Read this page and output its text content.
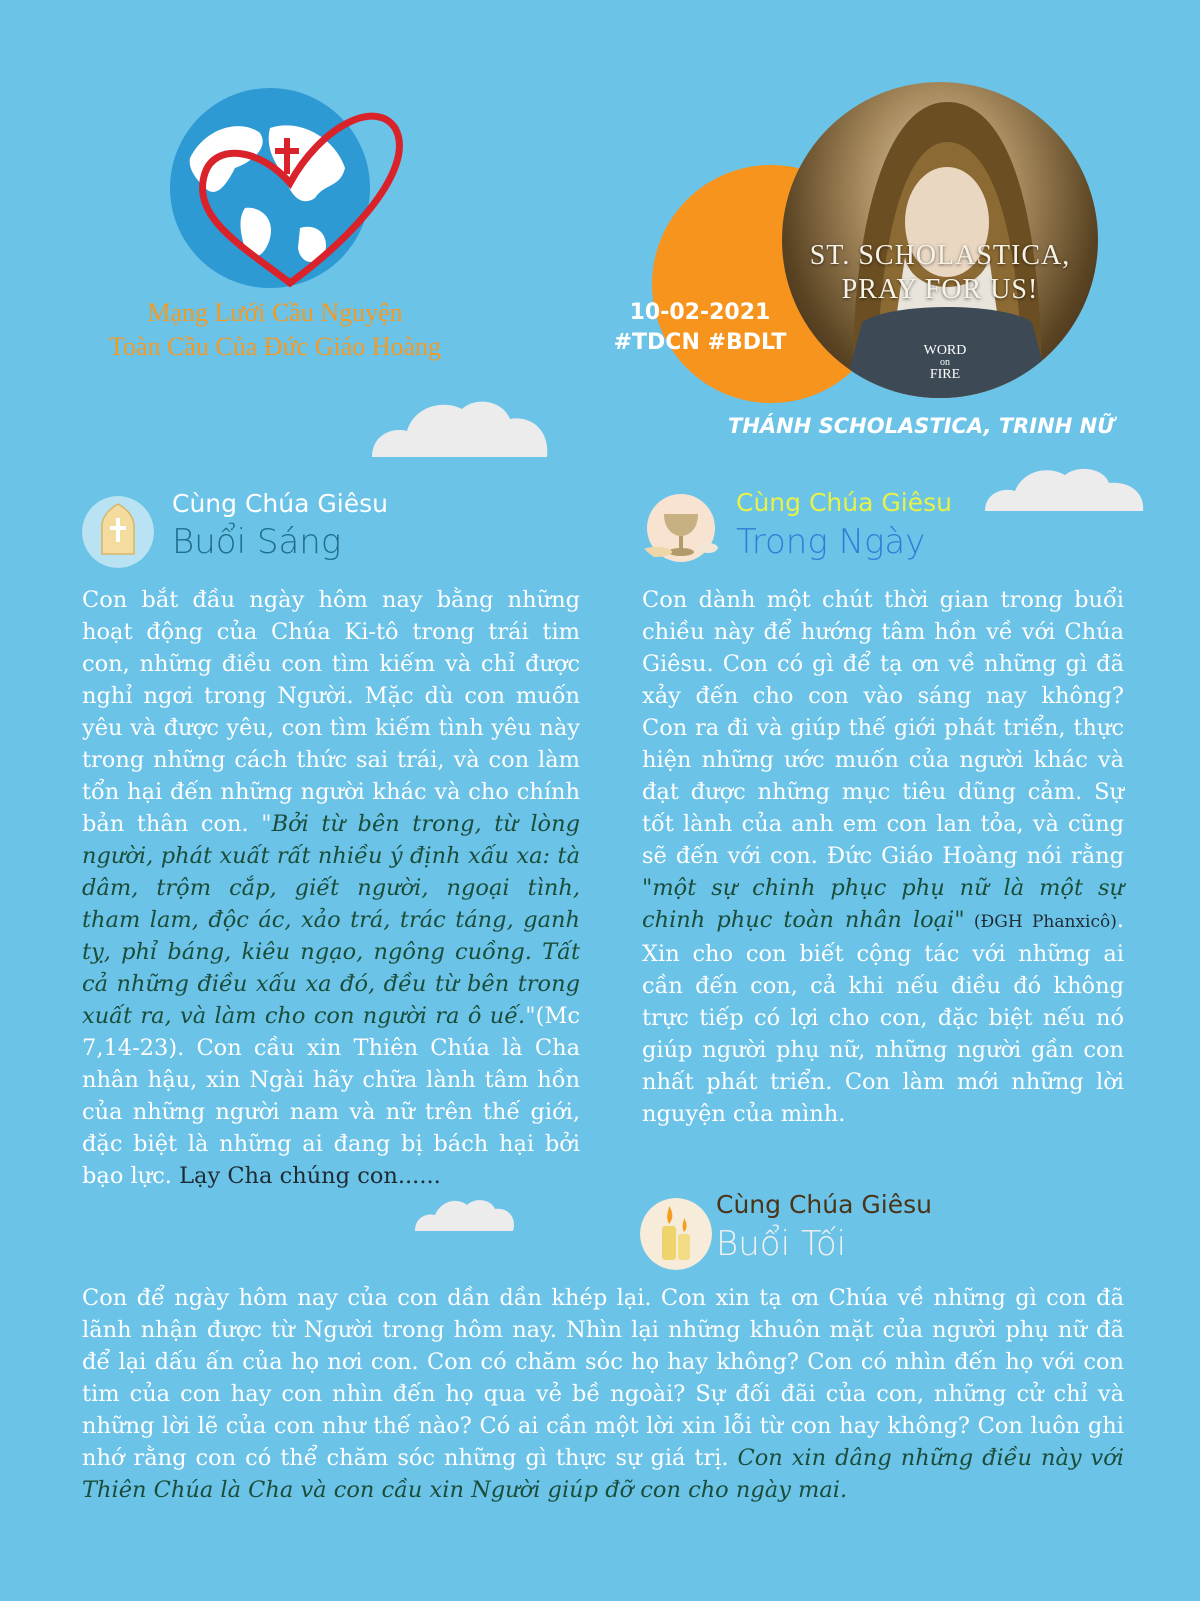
Mạng Lưới Cầu Nguyện
Toàn Cầu Của Đức Giáo Hoàng
ST. SCHOLASTICA,
PRAY FOR US!
WORD
on
FIRE
10-02-2021
#TDCN #BDLT
THÁNH SCHOLASTICA, TRINH NỮ
Cùng Chúa Giêsu
Buổi Sáng

Con bắt đầu ngày hôm nay bằng những hoạt động của Chúa Ki-tô trong trái tim con, những điều con tìm kiếm và chỉ được nghỉ ngơi trong Người. Mặc dù con muốn yêu và được yêu, con tìm kiếm tình yêu này trong những cách thức sai trái, và con làm tổn hại đến những người khác và cho chính bản thân con. "Bởi từ bên trong, từ lòng người, phát xuất rất nhiều ý định xấu xa: tà dâm, trộm cắp, giết người, ngoại tình, tham lam, độc ác, xảo trá, trác táng, ganh tỵ, phỉ báng, kiêu ngạo, ngông cuồng. Tất cả những điều xấu xa đó, đều từ bên trong xuất ra, và làm cho con người ra ô uế."(Mc 7,14-23). Con cầu xin Thiên Chúa là Cha nhân hậu, xin Ngài hãy chữa lành tâm hồn của những người nam và nữ trên thế giới, đặc biệt là những ai đang bị bách hại bởi bạo lực. Lạy Cha chúng con......

Cùng Chúa Giêsu
Trong Ngày

Con dành một chút thời gian trong buổi chiều này để hướng tâm hồn về với Chúa Giêsu. Con có gì để tạ ơn về những gì đã xảy đến cho con vào sáng nay không? Con ra đi và giúp thế giới phát triển, thực hiện những ước muốn của người khác và đạt được những mục tiêu dũng cảm. Sự tốt lành của anh em con lan tỏa, và cũng sẽ đến với con. Đức Giáo Hoàng nói rằng "một sự chinh phục phụ nữ là một sự chinh phục toàn nhân loại" (ĐGH Phanxicô). Xin cho con biết cộng tác với những ai cần đến con, cả khi nếu điều đó không trực tiếp có lợi cho con, đặc biệt nếu nó giúp người phụ nữ, những người gần con nhất phát triển. Con làm mới những lời nguyện của mình.

Cùng Chúa Giêsu
Buổi Tối

Con để ngày hôm nay của con dần dần khép lại. Con xin tạ ơn Chúa về những gì con đã lãnh nhận được từ Người trong hôm nay. Nhìn lại những khuôn mặt của người phụ nữ đã để lại dấu ấn của họ nơi con. Con có chăm sóc họ hay không? Con có nhìn đến họ với con tim của con hay con nhìn đến họ qua vẻ bề ngoài? Sự đối đãi của con, những cử chỉ và những lời lẽ của con như thế nào? Có ai cần một lời xin lỗi từ con hay không? Con luôn ghi nhớ rằng con có thể chăm sóc những gì thực sự giá trị. Con xin dâng những điều này với Thiên Chúa là Cha và con cầu xin Người giúp đỡ con cho ngày mai.
